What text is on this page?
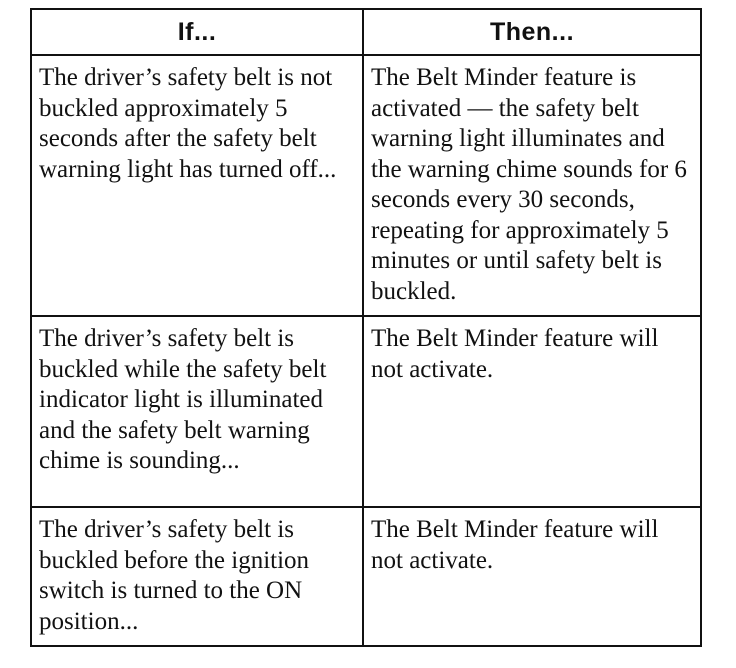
If...	Then...
The driver’s safety belt is not buckled approximately 5 seconds after the safety belt warning light has turned off...	The Belt Minder feature is activated — the safety belt warning light illuminates and the warning chime sounds for 6 seconds every 30 seconds, repeating for approximately 5 minutes or until safety belt is buckled.
The driver’s safety belt is buckled while the safety belt indicator light is illuminated and the safety belt warning chime is sounding...	The Belt Minder feature will not activate.
The driver’s safety belt is buckled before the ignition switch is turned to the ON position...	The Belt Minder feature will not activate.
